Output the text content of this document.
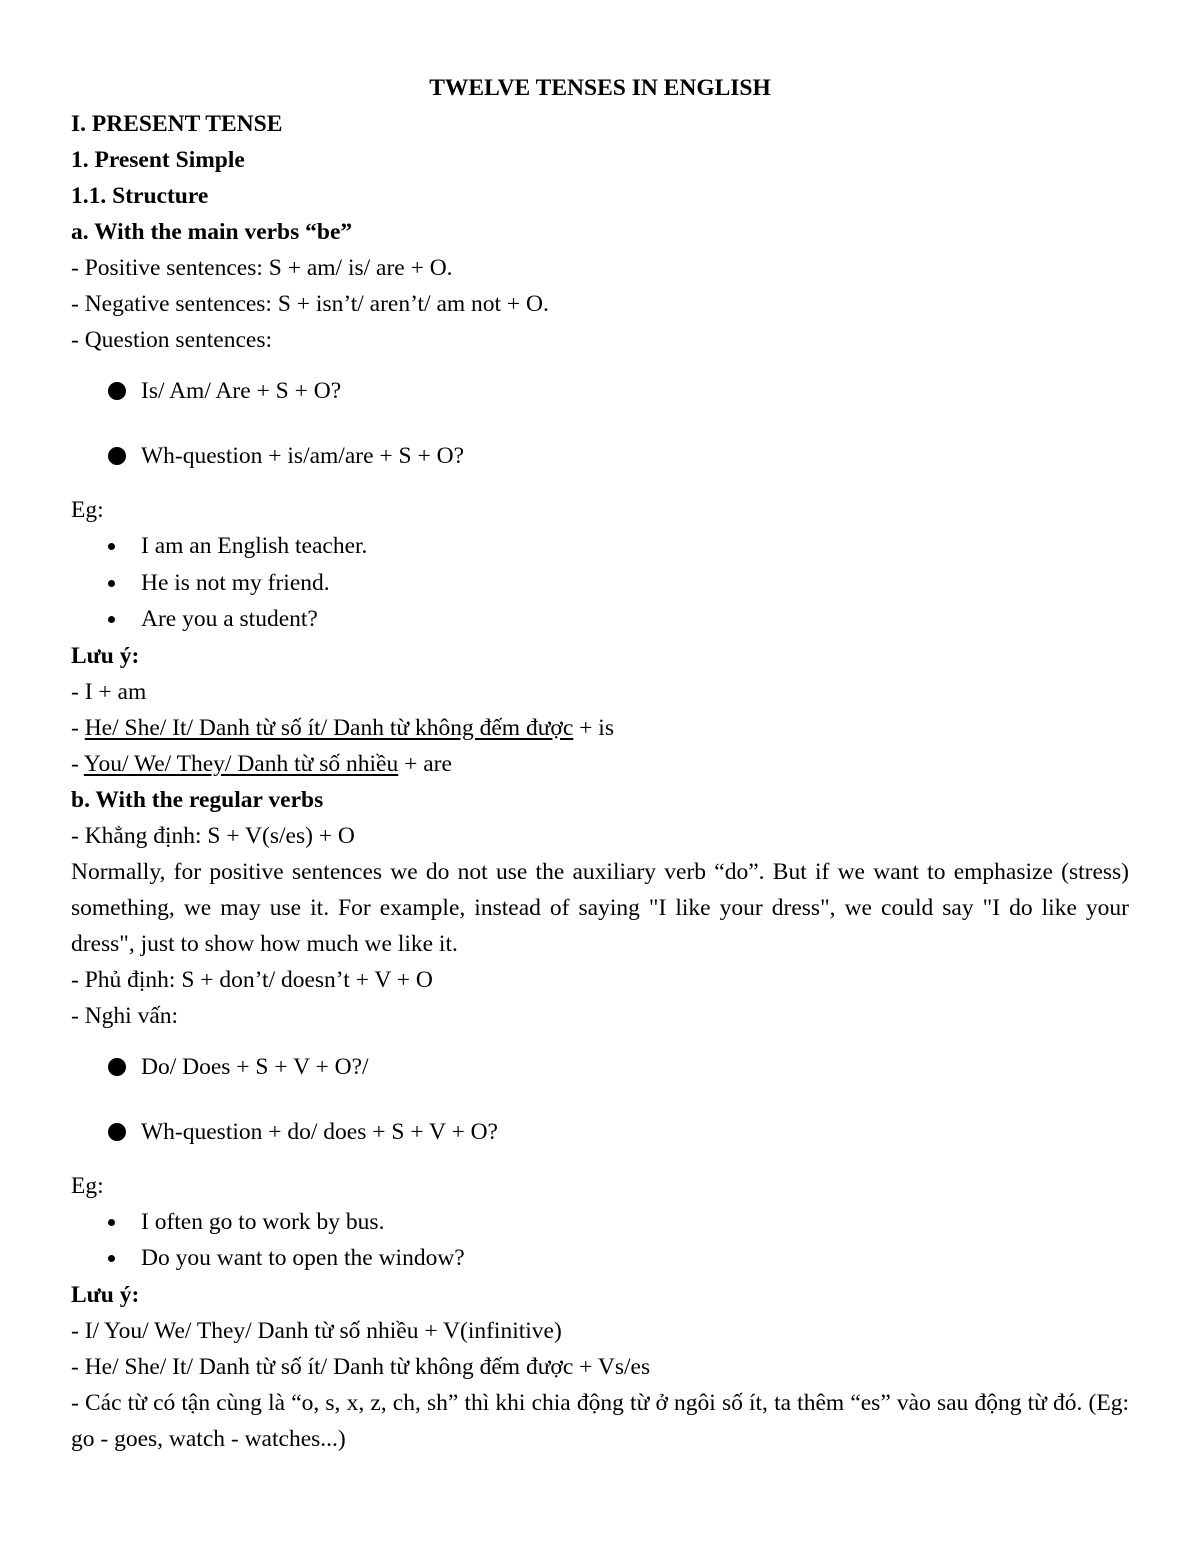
TWELVE TENSES IN ENGLISH
I. PRESENT TENSE
1. Present Simple
1.1. Structure
a. With the main verbs “be”
- Positive sentences: S + am/ is/ are + O.
- Negative sentences: S + isn’t/ aren’t/ am not + O.
- Question sentences:
Is/ Am/ Are + S + O?
Wh-question + is/am/are + S + O?
Eg:
I am an English teacher.
He is not my friend.
Are you a student?
Lưu ý:
- I + am
- He/ She/ It/ Danh từ số ít/ Danh từ không đếm được + is
- You/ We/ They/ Danh từ số nhiều + are
b. With the regular verbs
- Khẳng định: S + V(s/es) + O
Normally, for positive sentences we do not use the auxiliary verb “do”. But if we want to emphasize (stress) something, we may use it. For example, instead of saying "I like your dress", we could say "I do like your dress", just to show how much we like it.
- Phủ định: S + don’t/ doesn’t + V + O
- Nghi vấn:
Do/ Does + S + V + O?/
Wh-question + do/ does + S + V + O?
Eg:
I often go to work by bus.
Do you want to open the window?
Lưu ý:
- I/ You/ We/ They/ Danh từ số nhiều + V(infinitive)
- He/ She/ It/ Danh từ số ít/ Danh từ không đếm được + Vs/es
- Các từ có tận cùng là “o, s, x, z, ch, sh” thì khi chia động từ ở ngôi số ít, ta thêm “es” vào sau động từ đó. (Eg: go - goes, watch - watches...)
